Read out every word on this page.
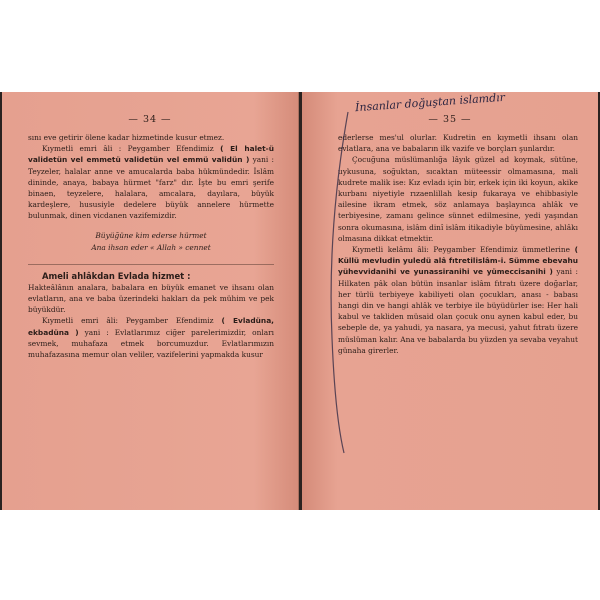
— 34 —

sını eve getirir ölene kadar hizmetinde kusur etmez.

Kıymetli emri âli : Peygamber Efendimiz ( El halet-ü validetün vel emmetü validetün vel emmü validün ) yani : Teyzeler, halalar anne ve amucalarda baba hükmündedir. İslâm dininde, anaya, babaya hürmet "farz" dır. İşte bu emri şerife binaen, teyzelere, halalara, amcalara, dayılara, büyük kardeşlere, hususiyle dedelere büyük annelere hürmette bulunmak, dinen vicdanen vazifemizdir.

Büyüğüne kim ederse hürmet
Ana ihsan eder « Allah » cennet
Ameli ahlâkdan Evlada hizmet :

Hakteâlânın analara, babalara en büyük emanet ve ihsanı olan evlatların, ana ve baba üzerindeki hakları da pek mühim ve pek büyükdür.

Kıymetli emri âli: Peygamber Efendimiz ( Evladüna, ekbadüna ) yani : Evlatlarımız ciğer parelerimizdir, onları sevmek, muhafaza etmek borcumuzdur. Evlatlarımızın muhafazasına memur olan veliler, vazifelerini yapmakda kusur

— 35 —

ederlerse mes'ul olurlar. Kudretin en kıymetli ihsanı olan evlatlara, ana ve babaların ilk vazife ve borçları şunlardır.

Çocuğuna müslümanlığa lâyık güzel ad koymak, sütüne, uykusuna, soğuktan, sıcaktan müteessir olmamasına, mali kudrete malik ise: Kız evladı için bir, erkek için iki koyun, akike kurbanı niyetiyle rızaenlillah kesip fukaraya ve ehibbasiyle ailesine ikram etmek, söz anlamaya başlayınca ahlâk ve terbiyesine, zamanı gelince sünnet edilmesine, yedi yaşından sonra okumasına, islâm dinî islâm itikadiyle büyümesine, ahlâkı olmasına dikkat etmektir.

Kıymetli kelâmı âli: Peygamber Efendimiz ümmetlerine ( Küllü mevludin yuledü alâ fıtretilislâm-i. Sümme ebevahu yühevvidanihi ve yunassiranihi ve yümeccisanihi ) yani : Hilkaten pâk olan bütün insanlar islâm fıtratı üzere doğarlar, her türlü terbiyeye kabiliyeti olan çocukları, anası - babası hangi din ve hangi ahlâk ve terbiye ile büyüdürler ise: Her hali kabul ve takliden müsaid olan çocuk onu aynen kabul eder, bu sebeple de, ya yahudi, ya nasara, ya mecusi, yahut fıtratı üzere müslüman kalır. Ana ve babalarda bu yüzden ya sevaba veyahut günaha girerler.

İnsanlar doğuştan islamdır
